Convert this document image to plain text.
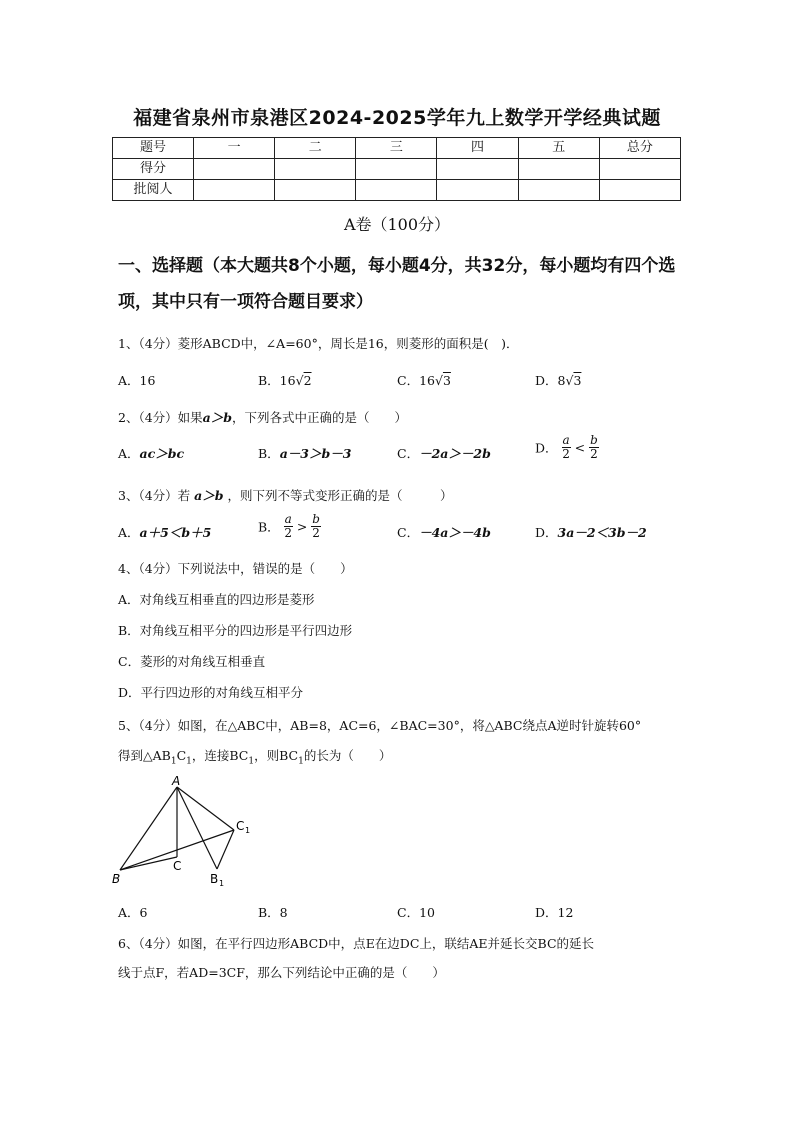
福建省泉州市泉港区2024-2025学年九上数学开学经典试题
题号	一	二	三	四	五	总分
得分						
批阅人						
A卷（100分）
一、选择题（本大题共8个小题，每小题4分，共32分，每小题均有四个选项，其中只有一项符合题目要求）
1、（4分）菱形ABCD中，∠A=60°，周长是16，则菱形的面积是(　)．
A．16	B．16√2	C．16√3	D．8√3
2、（4分）如果a＞b，下列各式中正确的是（　　）
A．ac＞bc	B．a－3＞b－3	C．－2a＞－2b	D． $\frac{a}{2} < \frac{b}{2}$
3、（4分）若 a＞b ，则下列不等式变形正确的是（　　　）
A．a＋5＜b＋5	B． $\frac{a}{2} > \frac{b}{2}$	C．－4a＞－4b	D．3a－2＜3b－2
4、（4分）下列说法中，错误的是（　　）
A．对角线互相垂直的四边形是菱形
B．对角线互相平分的四边形是平行四边形
C．菱形的对角线互相垂直
D．平行四边形的对角线互相平分
5、（4分）如图，在△ABC中，AB=8，AC=6，∠BAC=30°，将△ABC绕点A逆时针旋转60°
得到$\triangle AB_1C_1$，连接$BC_1$，则$BC_1$的长为（　　）
A
B
C
B 1
C 1
A．6	B．8	C．10	D．12
6、（4分）如图，在平行四边形ABCD中，点E在边DC上，联结AE并延长交BC的延长
线于点F，若AD=3CF，那么下列结论中正确的是（　　）
